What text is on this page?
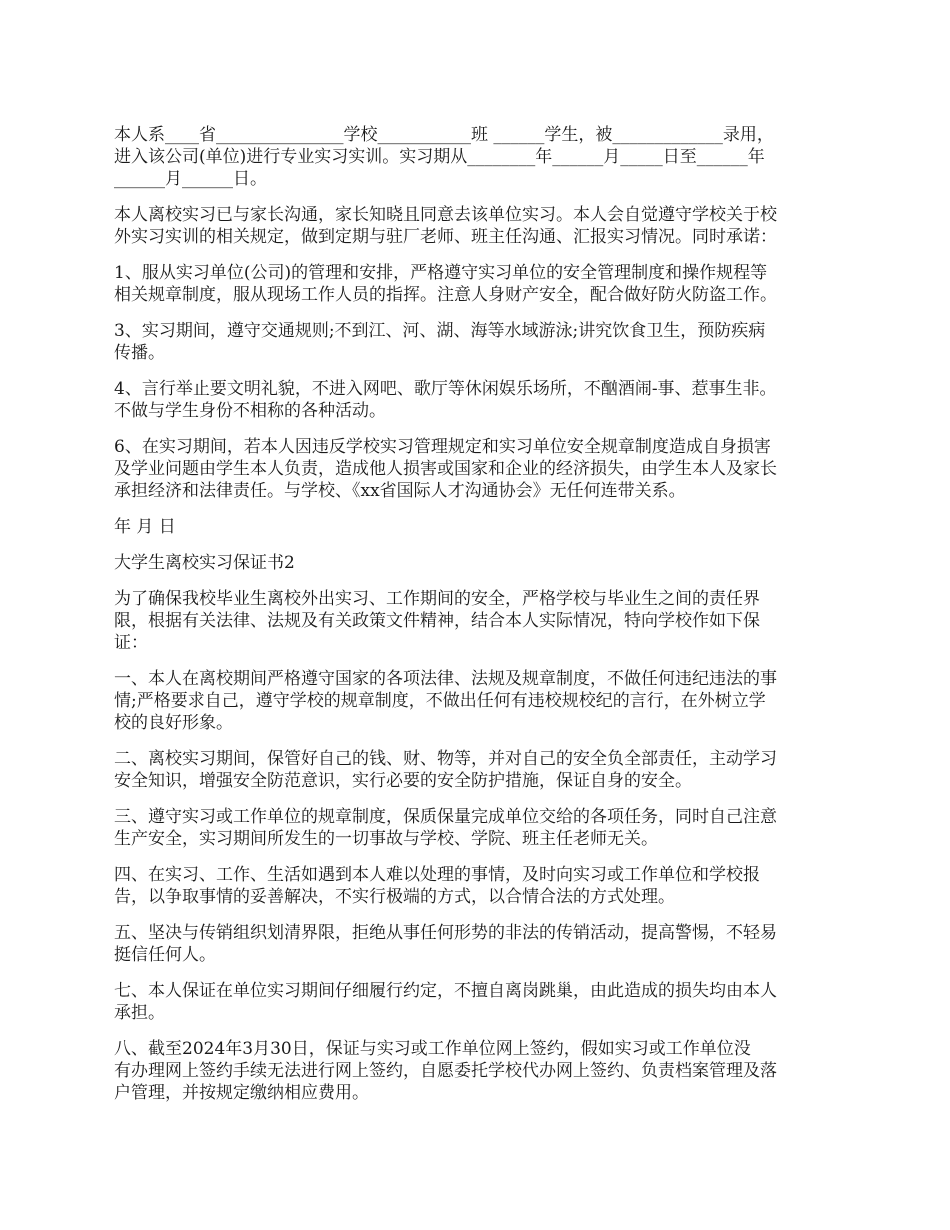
本人系____省_______________学校___________班 ______学生，被_____________录用，
进入该公司(单位)进行专业实习实训。实习期从________年______月_____日至______年
______月______日。

本人离校实习已与家长沟通，家长知晓且同意去该单位实习。本人会自觉遵守学校关于校
外实习实训的相关规定，做到定期与驻厂老师、班主任沟通、汇报实习情况。同时承诺：

1、服从实习单位(公司)的管理和安排，严格遵守实习单位的安全管理制度和操作规程等
相关规章制度，服从现场工作人员的指挥。注意人身财产安全，配合做好防火防盗工作。

3、实习期间，遵守交通规则;不到江、河、湖、海等水域游泳;讲究饮食卫生，预防疾病
传播。

4、言行举止要文明礼貌，不进入网吧、歌厅等休闲娱乐场所，不酗酒闹-事、惹事生非。
不做与学生身份不相称的各种活动。

6、在实习期间，若本人因违反学校实习管理规定和实习单位安全规章制度造成自身损害
及学业问题由学生本人负责，造成他人损害或国家和企业的经济损失，由学生本人及家长
承担经济和法律责任。与学校、《xx省国际人才沟通协会》无任何连带关系。

年 月 日

大学生离校实习保证书2

为了确保我校毕业生离校外出实习、工作期间的安全，严格学校与毕业生之间的责任界
限，根据有关法律、法规及有关政策文件精神，结合本人实际情况，特向学校作如下保
证：

一、本人在离校期间严格遵守国家的各项法律、法规及规章制度，不做任何违纪违法的事
情;严格要求自己，遵守学校的规章制度，不做出任何有违校规校纪的言行，在外树立学
校的良好形象。

二、离校实习期间，保管好自己的钱、财、物等，并对自己的安全负全部责任，主动学习
安全知识，增强安全防范意识，实行必要的安全防护措施，保证自身的安全。

三、遵守实习或工作单位的规章制度，保质保量完成单位交给的各项任务，同时自己注意
生产安全，实习期间所发生的一切事故与学校、学院、班主任老师无关。

四、在实习、工作、生活如遇到本人难以处理的事情，及时向实习或工作单位和学校报
告，以争取事情的妥善解决，不实行极端的方式，以合情合法的方式处理。

五、坚决与传销组织划清界限，拒绝从事任何形势的非法的传销活动，提高警惕，不轻易
挺信任何人。

七、本人保证在单位实习期间仔细履行约定，不擅自离岗跳巢，由此造成的损失均由本人
承担。

八、截至2024年3月30日，保证与实习或工作单位网上签约，假如实习或工作单位没
有办理网上签约手续无法进行网上签约，自愿委托学校代办网上签约、负责档案管理及落
户管理，并按规定缴纳相应费用。
